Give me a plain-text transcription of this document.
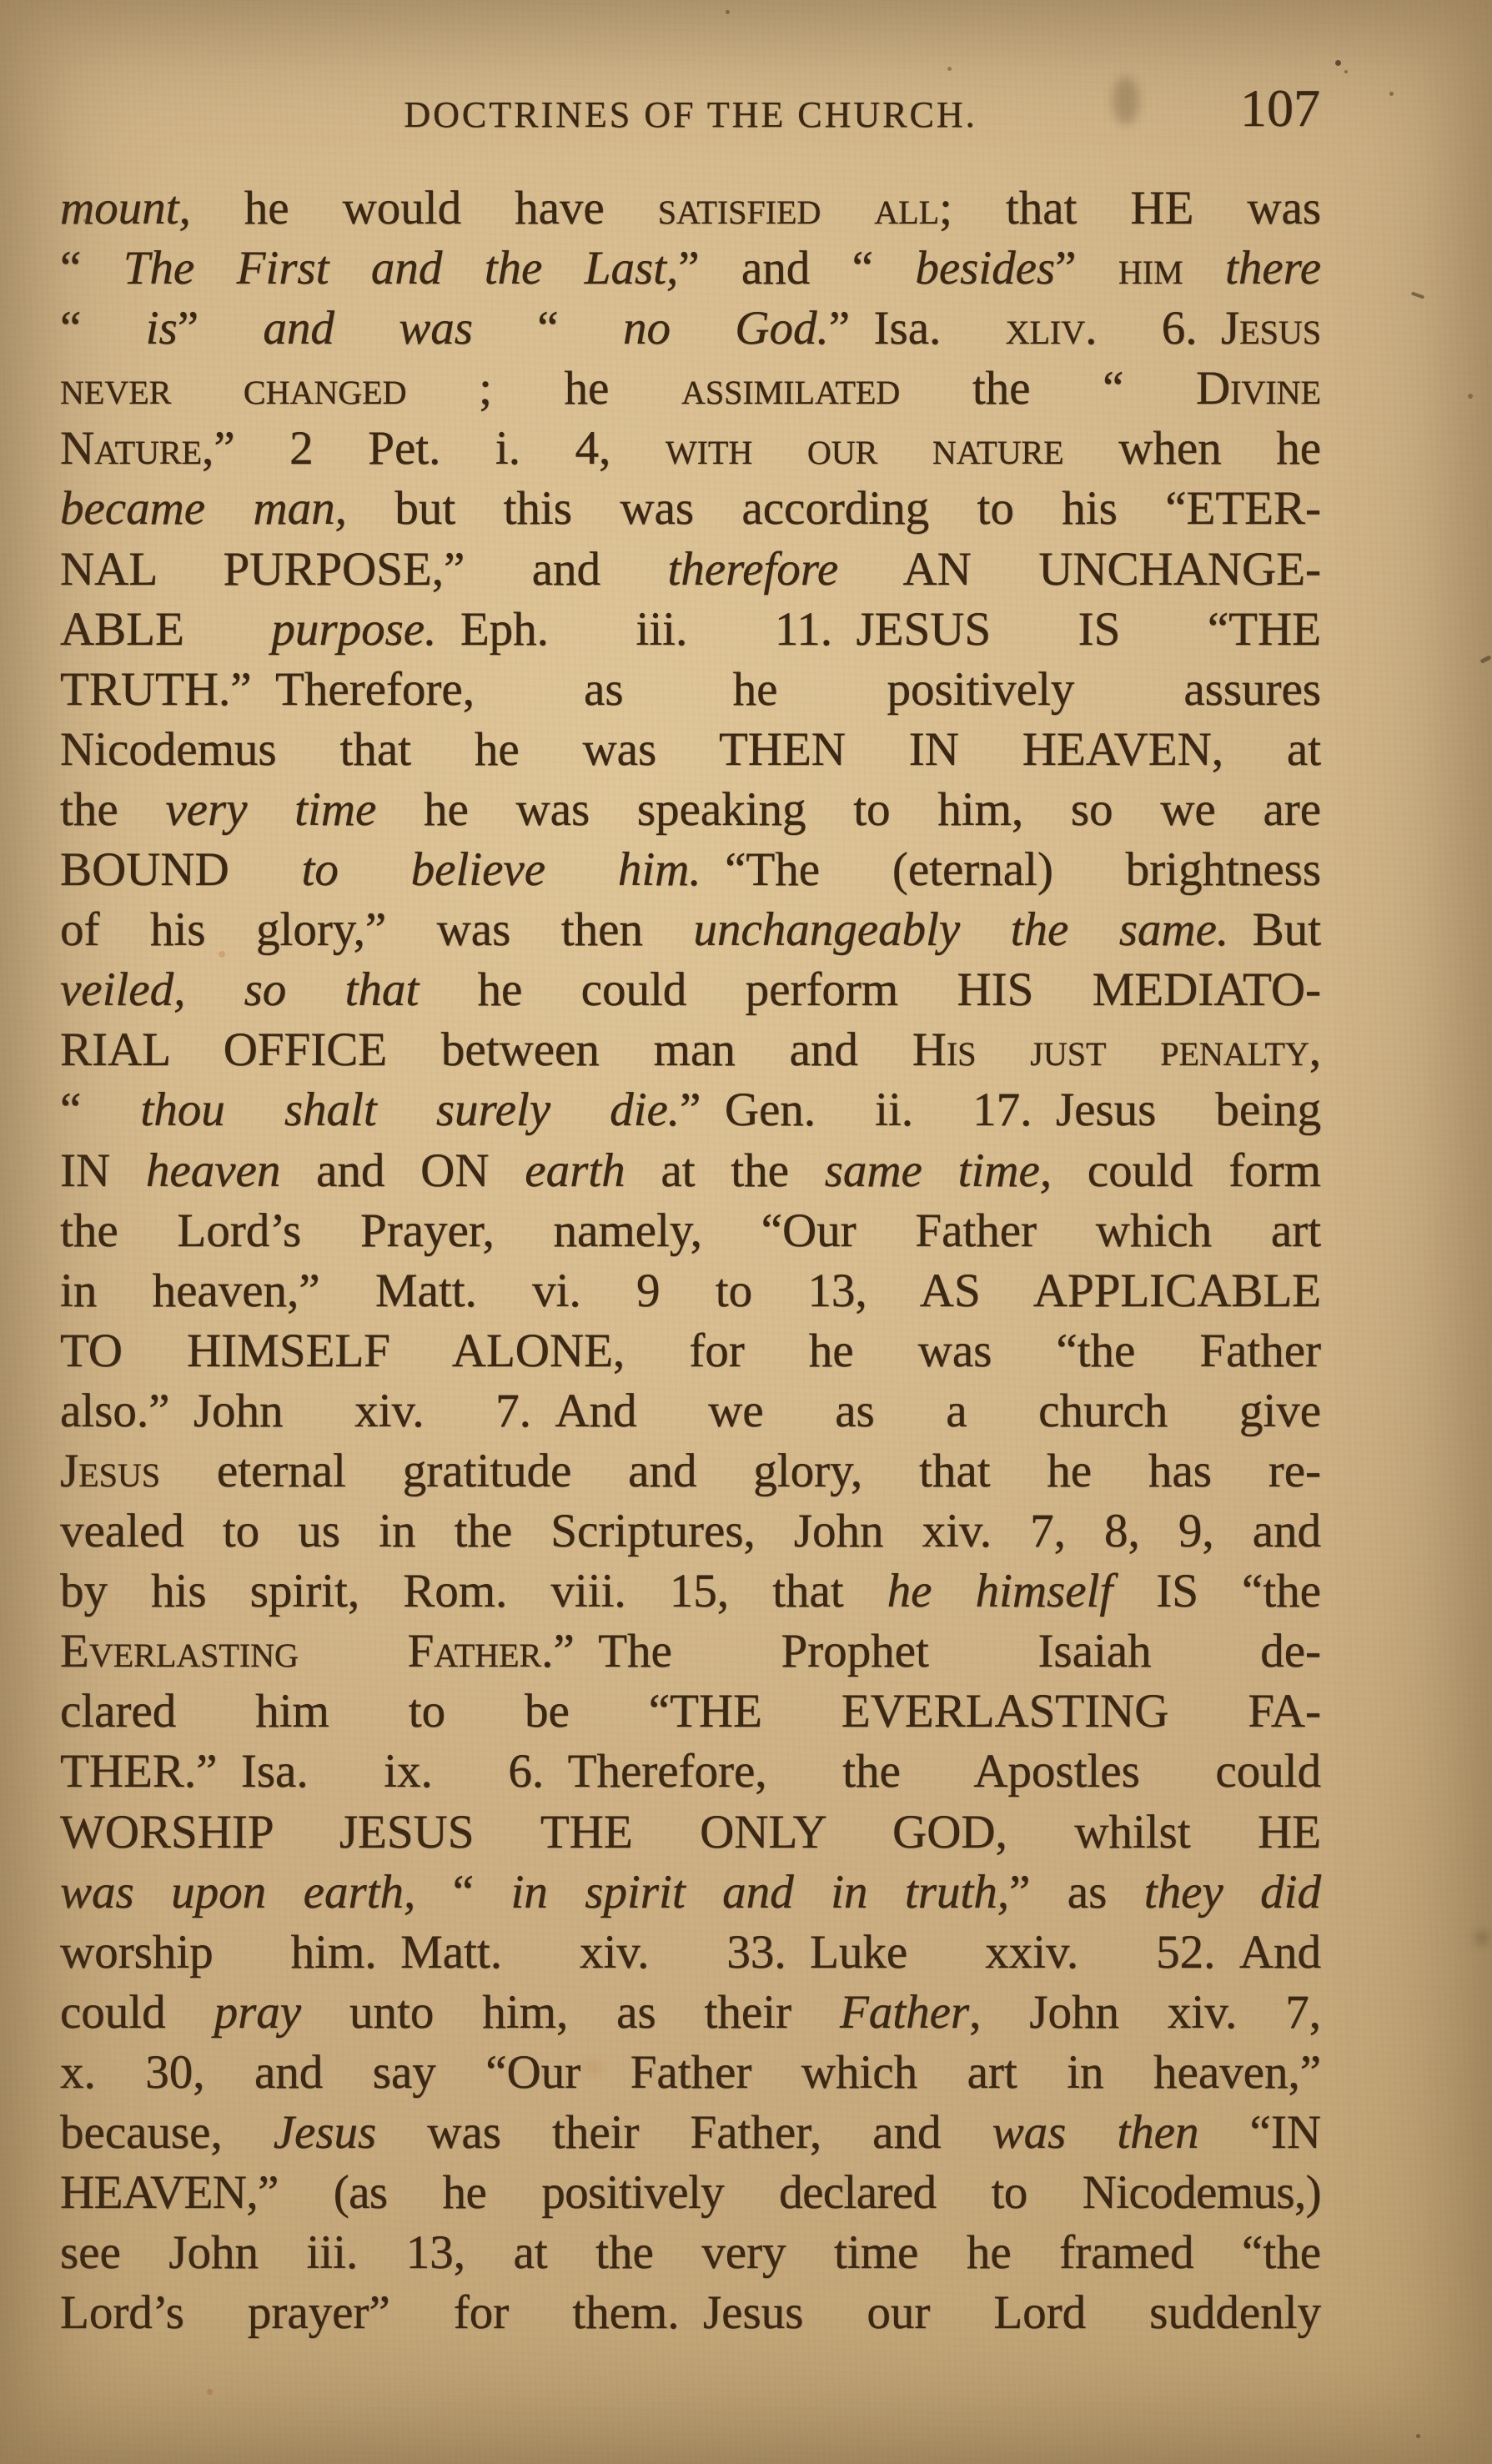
DOCTRINES OF THE CHURCH.	107
mount, he would have satisfied all; that HE was
“ The First and the Last,” and “ besides” him there
“ is” and was “ no God.” Isa. xliv. 6. Jesus
never changed ; he assimilated the “ Divine
Nature,” 2 Pet. i. 4, with our nature when he
became man, but this was according to his “ETER-
NAL PURPOSE,” and therefore AN UNCHANGE-
ABLE purpose. Eph. iii. 11. JESUS IS “THE
TRUTH.” Therefore, as he positively assures
Nicodemus that he was THEN IN HEAVEN, at
the very time he was speaking to him, so we are
BOUND to believe him. “The (eternal) brightness
of his glory,” was then unchangeably the same. But
veiled, so that he could perform HIS MEDIATO-
RIAL OFFICE between man and His just penalty,
“ thou shalt surely die.” Gen. ii. 17. Jesus being
IN heaven and ON earth at the same time, could form
the Lord’s Prayer, namely, “Our Father which art
in heaven,” Matt. vi. 9 to 13, AS APPLICABLE
TO HIMSELF ALONE, for he was “the Father
also.” John xiv. 7. And we as a church give
Jesus eternal gratitude and glory, that he has re-
vealed to us in the Scriptures, John xiv. 7, 8, 9, and
by his spirit, Rom. viii. 15, that he himself IS “the
Everlasting Father.” The Prophet Isaiah de-
clared him to be “THE EVERLASTING FA-
THER.” Isa. ix. 6. Therefore, the Apostles could
WORSHIP JESUS THE ONLY GOD, whilst HE
was upon earth, “ in spirit and in truth,” as they did
worship him. Matt. xiv. 33. Luke xxiv. 52. And
could pray unto him, as their Father, John xiv. 7,
x. 30, and say “Our Father which art in heaven,”
because, Jesus was their Father, and was then “IN
HEAVEN,” (as he positively declared to Nicodemus,)
see John iii. 13, at the very time he framed “the
Lord’s prayer” for them. Jesus our Lord suddenly
